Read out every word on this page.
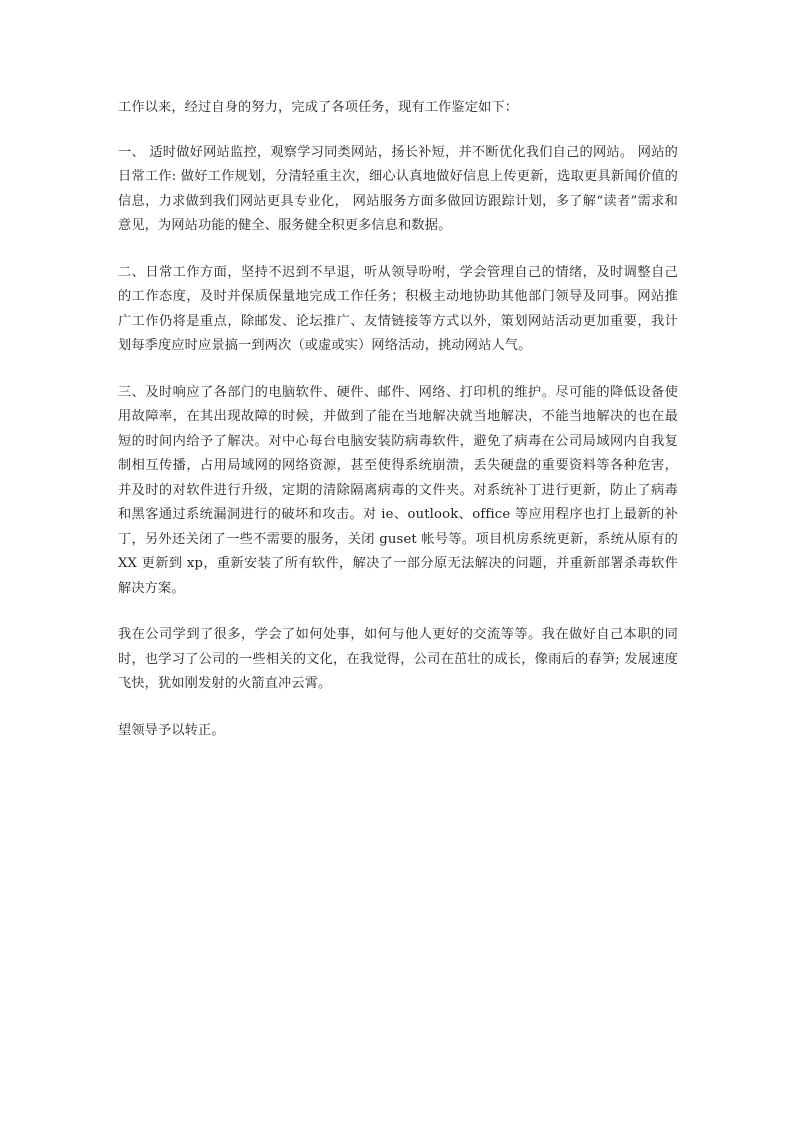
工作以来，经过自身的努力，完成了各项任务，现有工作鉴定如下：

一、 适时做好网站监控，观察学习同类网站，扬长补短，并不断优化我们自己的网站。 网站的日常工作: 做好工作规划，分清轻重主次，细心认真地做好信息上传更新，选取更具新闻价值的信息，力求做到我们网站更具专业化， 网站服务方面多做回访跟踪计划，多了解“读者”需求和意见，为网站功能的健全、服务健全积更多信息和数据。

二、日常工作方面，坚持不迟到不早退，听从领导吩咐，学会管理自己的情绪，及时调整自己的工作态度，及时并保质保量地完成工作任务；积极主动地协助其他部门领导及同事。网站推广工作仍将是重点，除邮发、论坛推广、友情链接等方式以外，策划网站活动更加重要，我计划每季度应时应景搞一到两次（或虚或实）网络活动，挑动网站人气。

三、及时响应了各部门的电脑软件、硬件、邮件、网络、打印机的维护。尽可能的降低设备使用故障率，在其出现故障的时候，并做到了能在当地解决就当地解决，不能当地解决的也在最短的时间内给予了解决。对中心每台电脑安装防病毒软件，避免了病毒在公司局域网内自我复制相互传播，占用局域网的网络资源，甚至使得系统崩溃，丢失硬盘的重要资料等各种危害，并及时的对软件进行升级，定期的清除隔离病毒的文件夹。对系统补丁进行更新，防止了病毒和黑客通过系统漏洞进行的破坏和攻击。对 ie、outlook、office 等应用程序也打上最新的补丁，另外还关闭了一些不需要的服务，关闭 guset 帐号等。项目机房系统更新，系统从原有的 XX 更新到 xp，重新安装了所有软件，解决了一部分原无法解决的问题，并重新部署杀毒软件解决方案。

我在公司学到了很多，学会了如何处事，如何与他人更好的交流等等。我在做好自己本职的同时，也学习了公司的一些相关的文化，在我觉得，公司在茁壮的成长，像雨后的春笋; 发展速度飞快，犹如刚发射的火箭直冲云霄。

望领导予以转正。
